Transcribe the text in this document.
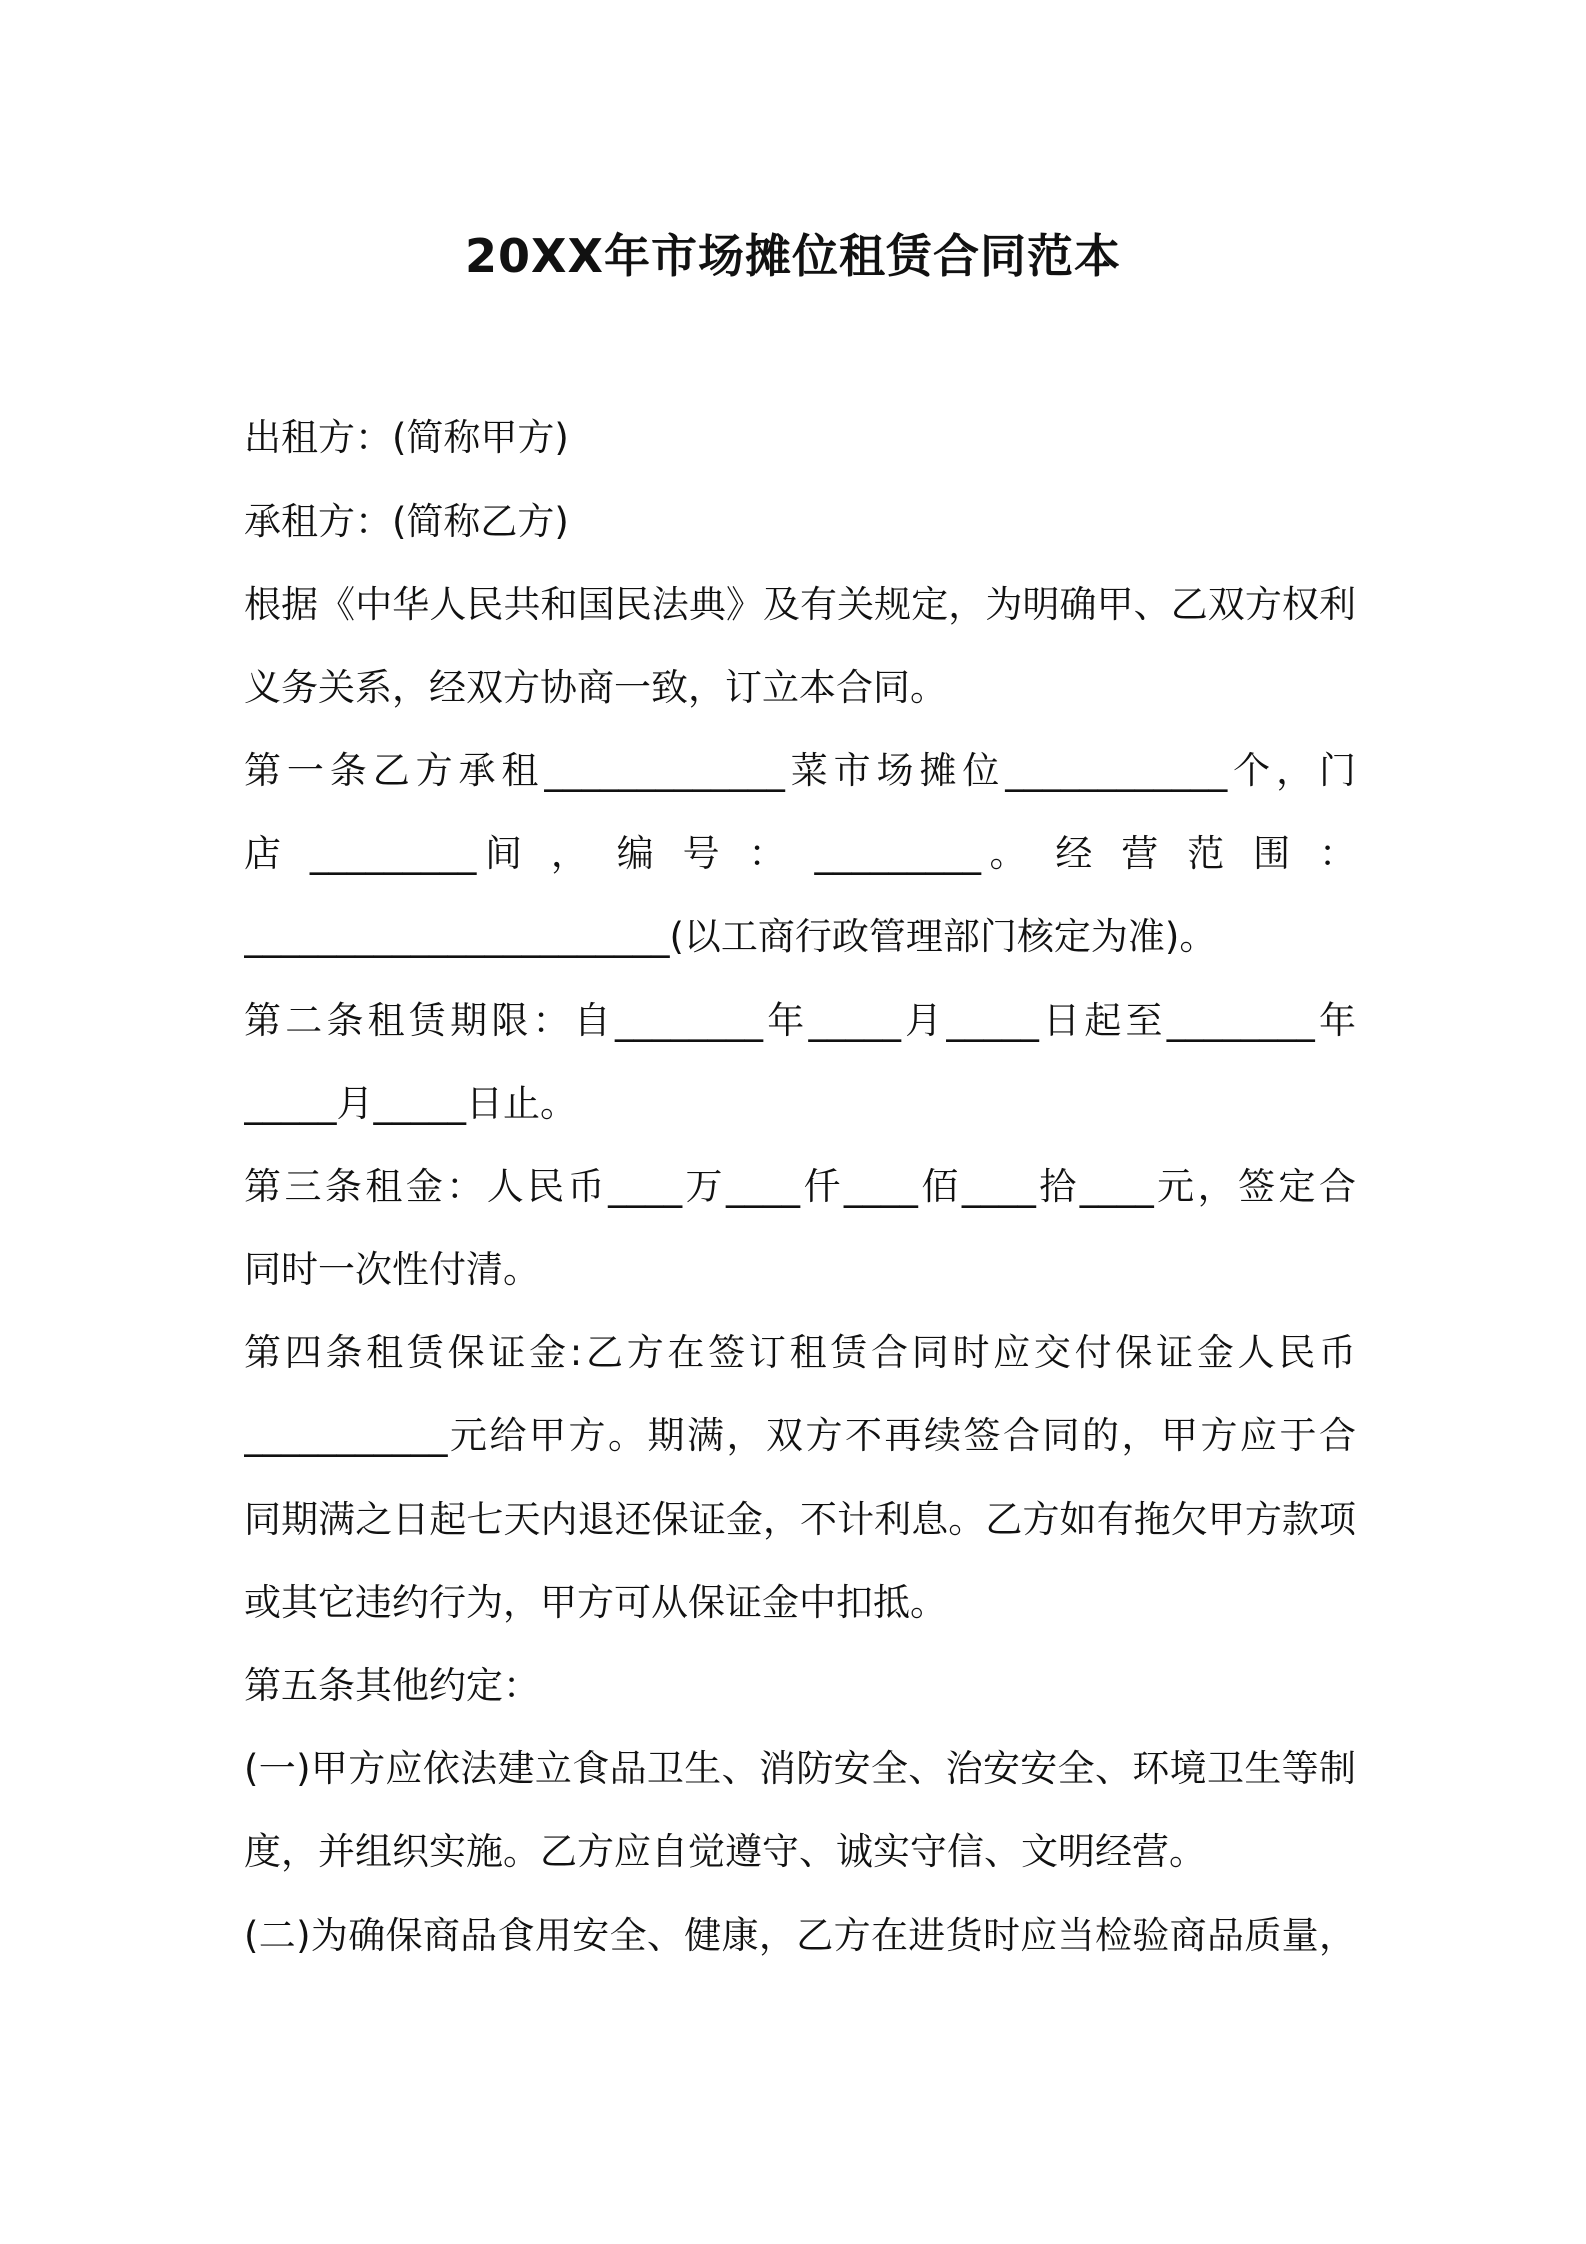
20XX年市场摊位租赁合同范本
出租方：(简称甲方)
承租方：(简称乙方)
根据《中华人民共和国民法典》及有关规定，为明确甲、乙双方权利
义务关系，经双方协商一致，订立本合同。
第一条乙方承租_____________菜市场摊位____________个，门
店 _________间 ， 编 号 ： _________。 经 营 范 围 ：
_______________________(以工商行政管理部门核定为准)。
第二条租赁期限：自________年_____月_____日起至________年
_____月_____日止。
第三条租金：人民币____万____仟____佰____拾____元，签定合
同时一次性付清。
第四条租赁保证金:乙方在签订租赁合同时应交付保证金人民币
___________元给甲方。期满，双方不再续签合同的，甲方应于合
同期满之日起七天内退还保证金，不计利息。乙方如有拖欠甲方款项
或其它违约行为，甲方可从保证金中扣抵。
第五条其他约定：
(一)甲方应依法建立食品卫生、消防安全、治安安全、环境卫生等制
度，并组织实施。乙方应自觉遵守、诚实守信、文明经营。
(二)为确保商品食用安全、健康，乙方在进货时应当检验商品质量，
